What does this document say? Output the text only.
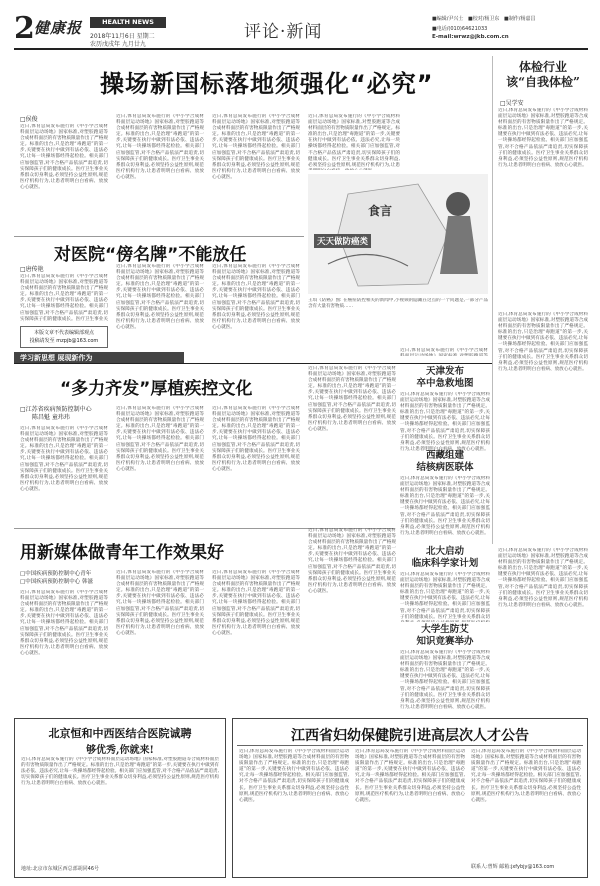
2 健康报	HEALTH NEWS
2018年11月6日 星期二
农历戊戌年 九月廿九
评论·新闻
■编辑/尹兴士 ■校对/杨卫东 ■制作/杨嘉昌
■电话/(010)64621033
E-mail:wrwz@jkb.com.cn
操场新国标落地须强化“必究”
□侯俊
近日,体育总局发布施行的《中小学合成材料面层运动场地》国家标准,对塑胶跑道等合成材料面层的有害物质限量作出了严格规定。标准的出台,只是治理“毒跑道”的第一步,关键要在执行中做到有法必依、违法必究,让每一块操场都经得起检验。相关部门应加强监管,对不合格产品依法严肃追责,切实保障孩子们的健康成长。医疗卫生事业关系群众切身利益,必须坚持公益性原则,规范医疗机构行为,让患者明明白白看病、放放心心就医。
近日,体育总局发布施行的《中小学合成材料面层运动场地》国家标准,对塑胶跑道等合成材料面层的有害物质限量作出了严格规定。标准的出台,只是治理“毒跑道”的第一步,关键要在执行中做到有法必依、违法必究,让每一块操场都经得起检验。相关部门应加强监管,对不合格产品依法严肃追责,切实保障孩子们的健康成长。医疗卫生事业关系群众切身利益,必须坚持公益性原则,规范医疗机构行为,让患者明明白白看病、放放心心就医。
近日,体育总局发布施行的《中小学合成材料面层运动场地》国家标准,对塑胶跑道等合成材料面层的有害物质限量作出了严格规定。标准的出台,只是治理“毒跑道”的第一步,关键要在执行中做到有法必依、违法必究,让每一块操场都经得起检验。相关部门应加强监管,对不合格产品依法严肃追责,切实保障孩子们的健康成长。医疗卫生事业关系群众切身利益,必须坚持公益性原则,规范医疗机构行为,让患者明明白白看病、放放心心就医。
近日,体育总局发布施行的《中小学合成材料面层运动场地》国家标准,对塑胶跑道等合成材料面层的有害物质限量作出了严格规定。标准的出台,只是治理“毒跑道”的第一步,关键要在执行中做到有法必依、违法必究,让每一块操场都经得起检验。相关部门应加强监管,对不合格产品依法严肃追责,切实保障孩子们的健康成长。医疗卫生事业关系群众切身利益,必须坚持公益性原则,规范医疗机构行为,让患
食言
天天做防癌类
王琪《防癌》图: 在癌症防控相关的新闻中,小视频的隐藏在这点的一个问题是,一部分产品含有大量有害物质……
体检行业
该“自我体检”
□吴学安
近日,体育总局发布施行的《中小学合成材料面层运动场地》国家标准,对塑胶跑道等合成材料面层的有害物质限量作出了严格规定。标准的出台,只是治理“毒跑道”的第一步,关键要在执行中做到有法必依、违法必究,让每一块操场都经得起检验。相关部门应加强监管,对不合格产品依法严肃追责,切实保障孩子们的健康成长。医疗卫生事业关系群众切身利益,必须坚持公益性原则,规范医疗机构行为,让患者明明白白看病、放放心心就医。
近日,体育总局发布施行的《中小学合成材料面层运动场地》国家标准,对塑胶跑道等合成材料面层的有害物质限量作出了严格规定。标准的出台,只是治理“毒跑道”的第一步,关键要在执行中做到有法必依、违法必究,让每一块操场都经得起检验。相关部门应加强监管,对不合格产品依法严肃追责,切实保障孩子们的健康成长。医疗卫生事业关系群众切身利益,必须坚持公益性原则,规范医疗机构行为,让患者明明白白看病、放放心心就医。
对医院“傍名牌”不能放任
□唐传艳
近日,体育总局发布施行的《中小学合成材料面层运动场地》国家标准,对塑胶跑道等合成材料面层的有害物质限量作出了严格规定。标准的出台,只是治理“毒跑道”的第一步,关键要在执行中做到有法必依、违法必究,让每一块操场都经得起检验。相关部门应加强监管,对不合格产品依法严肃追责,切实保障孩子们的健康成长。医疗卫生事业关
本版文章不代表编辑部观点
投稿请发至 mzpjb@163.com
近日,体育总局发布施行的《中小学合成材料面层运动场地》国家标准,对塑胶跑道等合成材料面层的有害物质限量作出了严格规定。标准的出台,只是治理“毒跑道”的第一步,关键要在执行中做到有法必依、违法必究,让每一块操场都经得起检验。相关部门应加强监管,对不合格产品依法严肃追责,切实保障孩子们的健康成长。医疗卫生事业关系群众切身利益,必须坚持公益性原则,规范医疗机构行为,让患者明明白白看病、放放心心就医。
近日,体育总局发布施行的《中小学合成材料面层运动场地》国家标准,对塑胶跑道等合成材料面层的有害物质限量作出了严格规定。标准的出台,只是治理“毒跑道”的第一步,关键要在执行中做到有法必依、违法必究,让每一块操场都经得起检验。相关部门应加强监管,对不合格产品依法严肃追责,切实保障孩子们的健康成长。医疗卫生事业关系群众切身利益,必须坚持公益性原则,规范医疗机构行为,让患者明明白白看病、放放心心就医。
近日,体育总局发布施行的《中小学合成材
学习新思想 展现新作为
“多力齐发”厚植疾控文化
□江苏省疾病预防控制中心
陈昌魁 童玮玮
近日,体育总局发布施行的《中小学合成材料面层运动场地》国家标准,对塑胶跑道等合成材料面层的有害物质限量作出了严格规定。标准的出台,只是治理“毒跑道”的第一步,关键要在执行中做到有法必依、违法必究,让每一块操场都经得起检验。相关部门应加强监管,对不合格产品依法严肃追责,切实保障孩子们的健康成长。医疗卫生事业关系群众切身利益,必须坚持公益性原则,规范医疗机构行为,让患者明明白白看病、放放心心就医。
近日,体育总局发布施行的《中小学合成材料面层运动场地》国家标准,对塑胶跑道等合成材料面层的有害物质限量作出了严格规定。标准的出台,只是治理“毒跑道”的第一步,关键要在执行中做到有法必依、违法必究,让每一块操场都经得起检验。相关部门应加强监管,对不合格产品依法严肃追责,切实保障孩子们的健康成长。医疗卫生事业关系群众切身利益,必须坚持公益性原则,规范医疗机构行为,让患者明明白白看病、放放心心就医。
近日,体育总局发布施行的《中小学合成材料面层运动场地》国家标准,对塑胶跑道等合成材料面层的有害物质限量作出了严格规定。标准的出台,只是治理“毒跑道”的第一步,关键要在执行中做到有法必依、违法必究,让每一块操场都经得起检验。相关部门应加强监管,对不合格产品依法严肃追责,切实保障孩子们的健康成长。医疗卫生事业关系群众切身利益,必须坚持公益性原则,规范医疗机构行为,让患者明明白白看病、放放心心就医。
近日,体育总局发布施行的《中小学合成材料面层运动场地》国家标准,对塑胶跑道等合成材料面层的有害物质限量作出了严格规定。标准的出台,只是治理“毒跑道”的第一步,关键要在执行中做到有法必依、违法必究,让每一块操场都经得起检验。相关部门应加强监管,对不合格产品依法严肃追责,切实保障孩子们的健康成长。医疗卫生事业关系群众切身利益,必须坚持公益性原则,规范医疗机构行为,让患者明明白白看病、放放心心就医。
天津发布
卒中急救地图
近日,体育总局发布施行的《中小学合成材料面层运动场地》国家标准,对塑胶跑道等合成材料面层的有害物质限量作出了严格规定。标准的出台,只是治理“毒跑道”的第一步,关键要在执行中做到有法必依、违法必究,让每一块操场都经得起检验。相关部门应加强监管,对不合格产品依法严肃追责,切实保障孩子们的健康成长。医疗卫生事业关系群众切身利益,必须坚持公益性原则,规范医疗机构行为,让患者明明白白看病、放放心心就医。
西藏组建
结核病医联体
近日,体育总局发布施行的《中小学合成材料面层运动场地》国家标准,对塑胶跑道等合成材料面层的有害物质限量作出了严格规定。标准的出台,只是治理“毒跑道”的第一步,关键要在执行中做到有法必依、违法必究,让每一块操场都经得起检验。相关部门应加强监管,对不合格产品依法严肃追责,切实保障孩子们的健康成长。医疗卫生事业关系群众切身利益,必须坚持公益性原则,规范医疗机构行为,让患者明明白白看病、放放心心就医。
北大启动
临床科学家计划
近日,体育总局发布施行的《中小学合成材料面层运动场地》国家标准,对塑胶跑道等合成材料面层的有害物质限量作出了严格规定。标准的出台,只是治理“毒跑道”的第一步,关键要在执行中做到有法必依、违法必究,让每一块操场都经得起检验。相关部门应加强监管,对不合格产品依法严肃追责,切实保障孩子们的健康成长。医疗卫生事业关系群众切
大学生防艾
知识竞赛举办
近日,体育总局发布施行的《中小学合成材料面层运动场地》国家标准,对塑胶跑道等合成材料面层的有害物质限量作出了严格规定。标准的出台,只是治理“毒跑道”的第一步,关键要在执行中做到有法必依、违法必究,让每一块操场都经得起检验。相关部门应加强监管,对不合格产品依法严肃追责,切实保障孩子们的健康成长。医疗卫生事业关系群众切身利益,必须坚持公益性原则,规范医疗机构行为,让患者明明白白看病、放放心心就医。
近日,体育总局发布施行的《中小学合成材料面层运动场地》国家标准,对塑胶跑道等合成材料面层的有害物质限量作出了严格规定。标准的出台,只是治理“毒跑道”的第一步,关键要在执行中做到有法必依、违法必究,让每一块操场都经得起检验。相关部门应加强监管,对不合格产品依法严肃追责,切实保障孩子们的健康成长。医疗卫生事业关系群众切身利益,必须坚持公益性原则,规范医疗机构行为,让患者明明白白看病、放放心心就医。
用新媒体做青年工作效果好
□中国疾病预防控制中心青年
□中国疾病预防控制中心 韩滋
近日,体育总局发布施行的《中小学合成材料面层运动场地》国家标准,对塑胶跑道等合成材料面层的有害物质限量作出了严格规定。标准的出台,只是治理“毒跑道”的第一步,关键要在执行中做到有法必依、违法必究,让每一块操场都经得起检验。相关部门应加强监管,对不合格产品依法严肃追责,切实保障孩子们的健康成长。医疗卫生事业关系群众切身利益,必须坚持公益性原则,规范医疗机构行为,让患者明明白白看病、放放心心就医。
近日,体育总局发布施行的《中小学合成材料面层运动场地》国家标准,对塑胶跑道等合成材料面层的有害物质限量作出了严格规定。标准的出台,只是治理“毒跑道”的第一步,关键要在执行中做到有法必依、违法必究,让每一块操场都经得起检验。相关部门应加强监管,对不合格产品依法严肃追责,切实保障孩子们的健康成长。医疗卫生事业关系群众切身利益,必须坚持公益性原则,规范医疗机构行为,让患者明明白白看病、放放心心就医。
近日,体育总局发布施行的《中小学合成材料面层运动场地》国家标准,对塑胶跑道等合成材料面层的有害物质限量作出了严格规定。标准的出台,只是治理“毒跑道”的第一步,关键要在执行中做到有法必依、违法必究,让每一块操场都经得起检验。相关部门应加强监管,对不合格产品依法严肃追责,切实保障孩子们的健康成长。医疗卫生事业关系群众切身利益,必须坚持公益性原则,规范医疗机构行为,让患者明明白白看病、放放心心就医。
近日,体育总局发布施行的《中小学合成材料面层运动场地》国家标准,对塑胶跑道等合成材料面层的有害物质限量作出了严格规定。标准的出台,只是治理“毒跑道”的第一步,关键要在执行中做到有法必依、违法必究,让每一块操场都经得起检验。相关部门应加强监管,对不合格产品依法严肃追责,切实保障孩子们的健康成长。医疗卫生事业关系群众切身利益,必须坚持公益性原则,规范医疗机构行为,让患者明明白白看病、放放心心就医。
北京恒和中西医结合医院诚聘
够优秀,你就来!
近日,体育总局发布施行的《中小学合成材料面层运动场地》国家标准,对塑胶跑道等合成材料面层的有害物质限量作出了严格规定。标准的出台,只是治理“毒跑道”的第一步,关键要在执行中做到有法必依、违法必究,让每一块操场都经得起检验。相关部门应加强监管,对不合格产品依法严肃追责,切实保障孩子们的健康成长。医疗卫生事业关系群众切身利益,必须坚持公益性原则,规范医疗机构行为,让患者明明白白看病、放放心心就医。
地址:北京市东城区西总部胡同46号
江西省妇幼保健院引进高层次人才公告
近日,体育总局发布施行的《中小学合成材料面层运动场地》国家标准,对塑胶跑道等合成材料面层的有害物质限量作出了严格规定。标准的出台,只是治理“毒跑道”的第一步,关键要在执行中做到有法必依、违法必究,让每一块操场都经得起检验。相关部门应加强监管,对不合格产品依法严肃追责,切实保障孩子们的健康成长。医疗卫生事业关系群众切身利益,必须坚持公益性原则,规范医疗机构行为,让患者明明白白看病、放放心心就医。
近日,体育总局发布施行的《中小学合成材料面层运动场地》国家标准,对塑胶跑道等合成材料面层的有害物质限量作出了严格规定。标准的出台,只是治理“毒跑道”的第一步,关键要在执行中做到有法必依、违法必究,让每一块操场都经得起检验。相关部门应加强监管,对不合格产品依法严肃追责,切实保障孩子们的健康成长。医疗卫生事业关系群众切身利益,必须坚持公益性原则,规范医疗机构行为,让患者明明白白看病、放放心心就医。
近日,体育总局发布施行的《中小学合成材料面层运动场地》国家标准,对塑胶跑道等合成材料面层的有害物质限量作出了严格规定。标准的出台,只是治理“毒跑道”的第一步,关键要在执行中做到有法必依、违法必究,让每一块操场都经得起检验。相关部门应加强监管,对不合格产品依法严肃追责,切实保障孩子们的健康成长。医疗卫生事业关系群众切身利益,必须坚持公益性原则,规范医疗机构行为,让患者明明白白看病、放放心心就医。
联系人:曾辉 邮箱:jxfybjy@163.com
